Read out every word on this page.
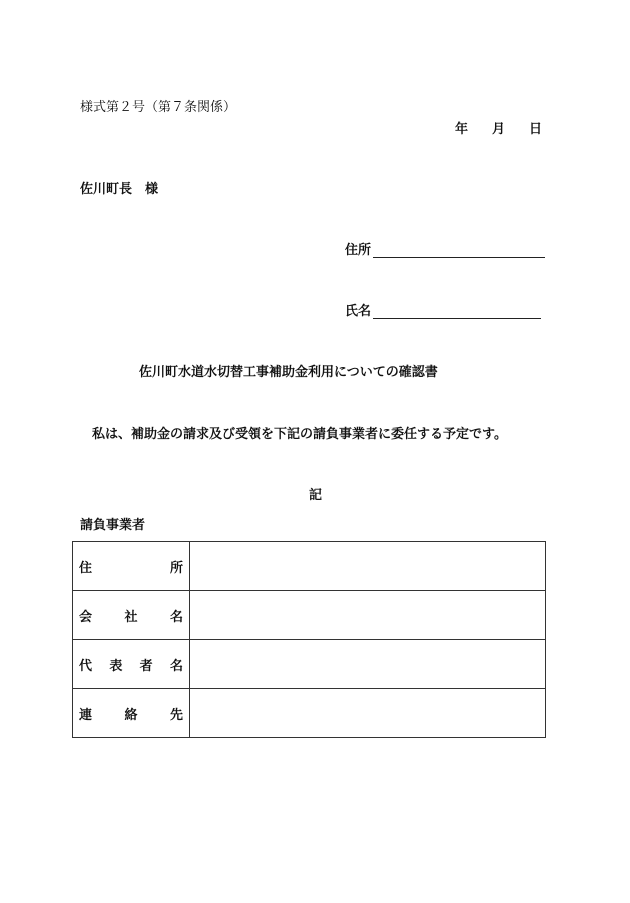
様式第２号（第７条関係）
年 月 日
佐川町長　様
住所
氏名
佐川町水道水切替工事補助金利用についての確認書
私は、補助金の請求及び受領を下記の請負事業者に委任する予定です。
記
請負事業者
住 所	

会 社 名	

代 表 者 名	

連 絡 先	
